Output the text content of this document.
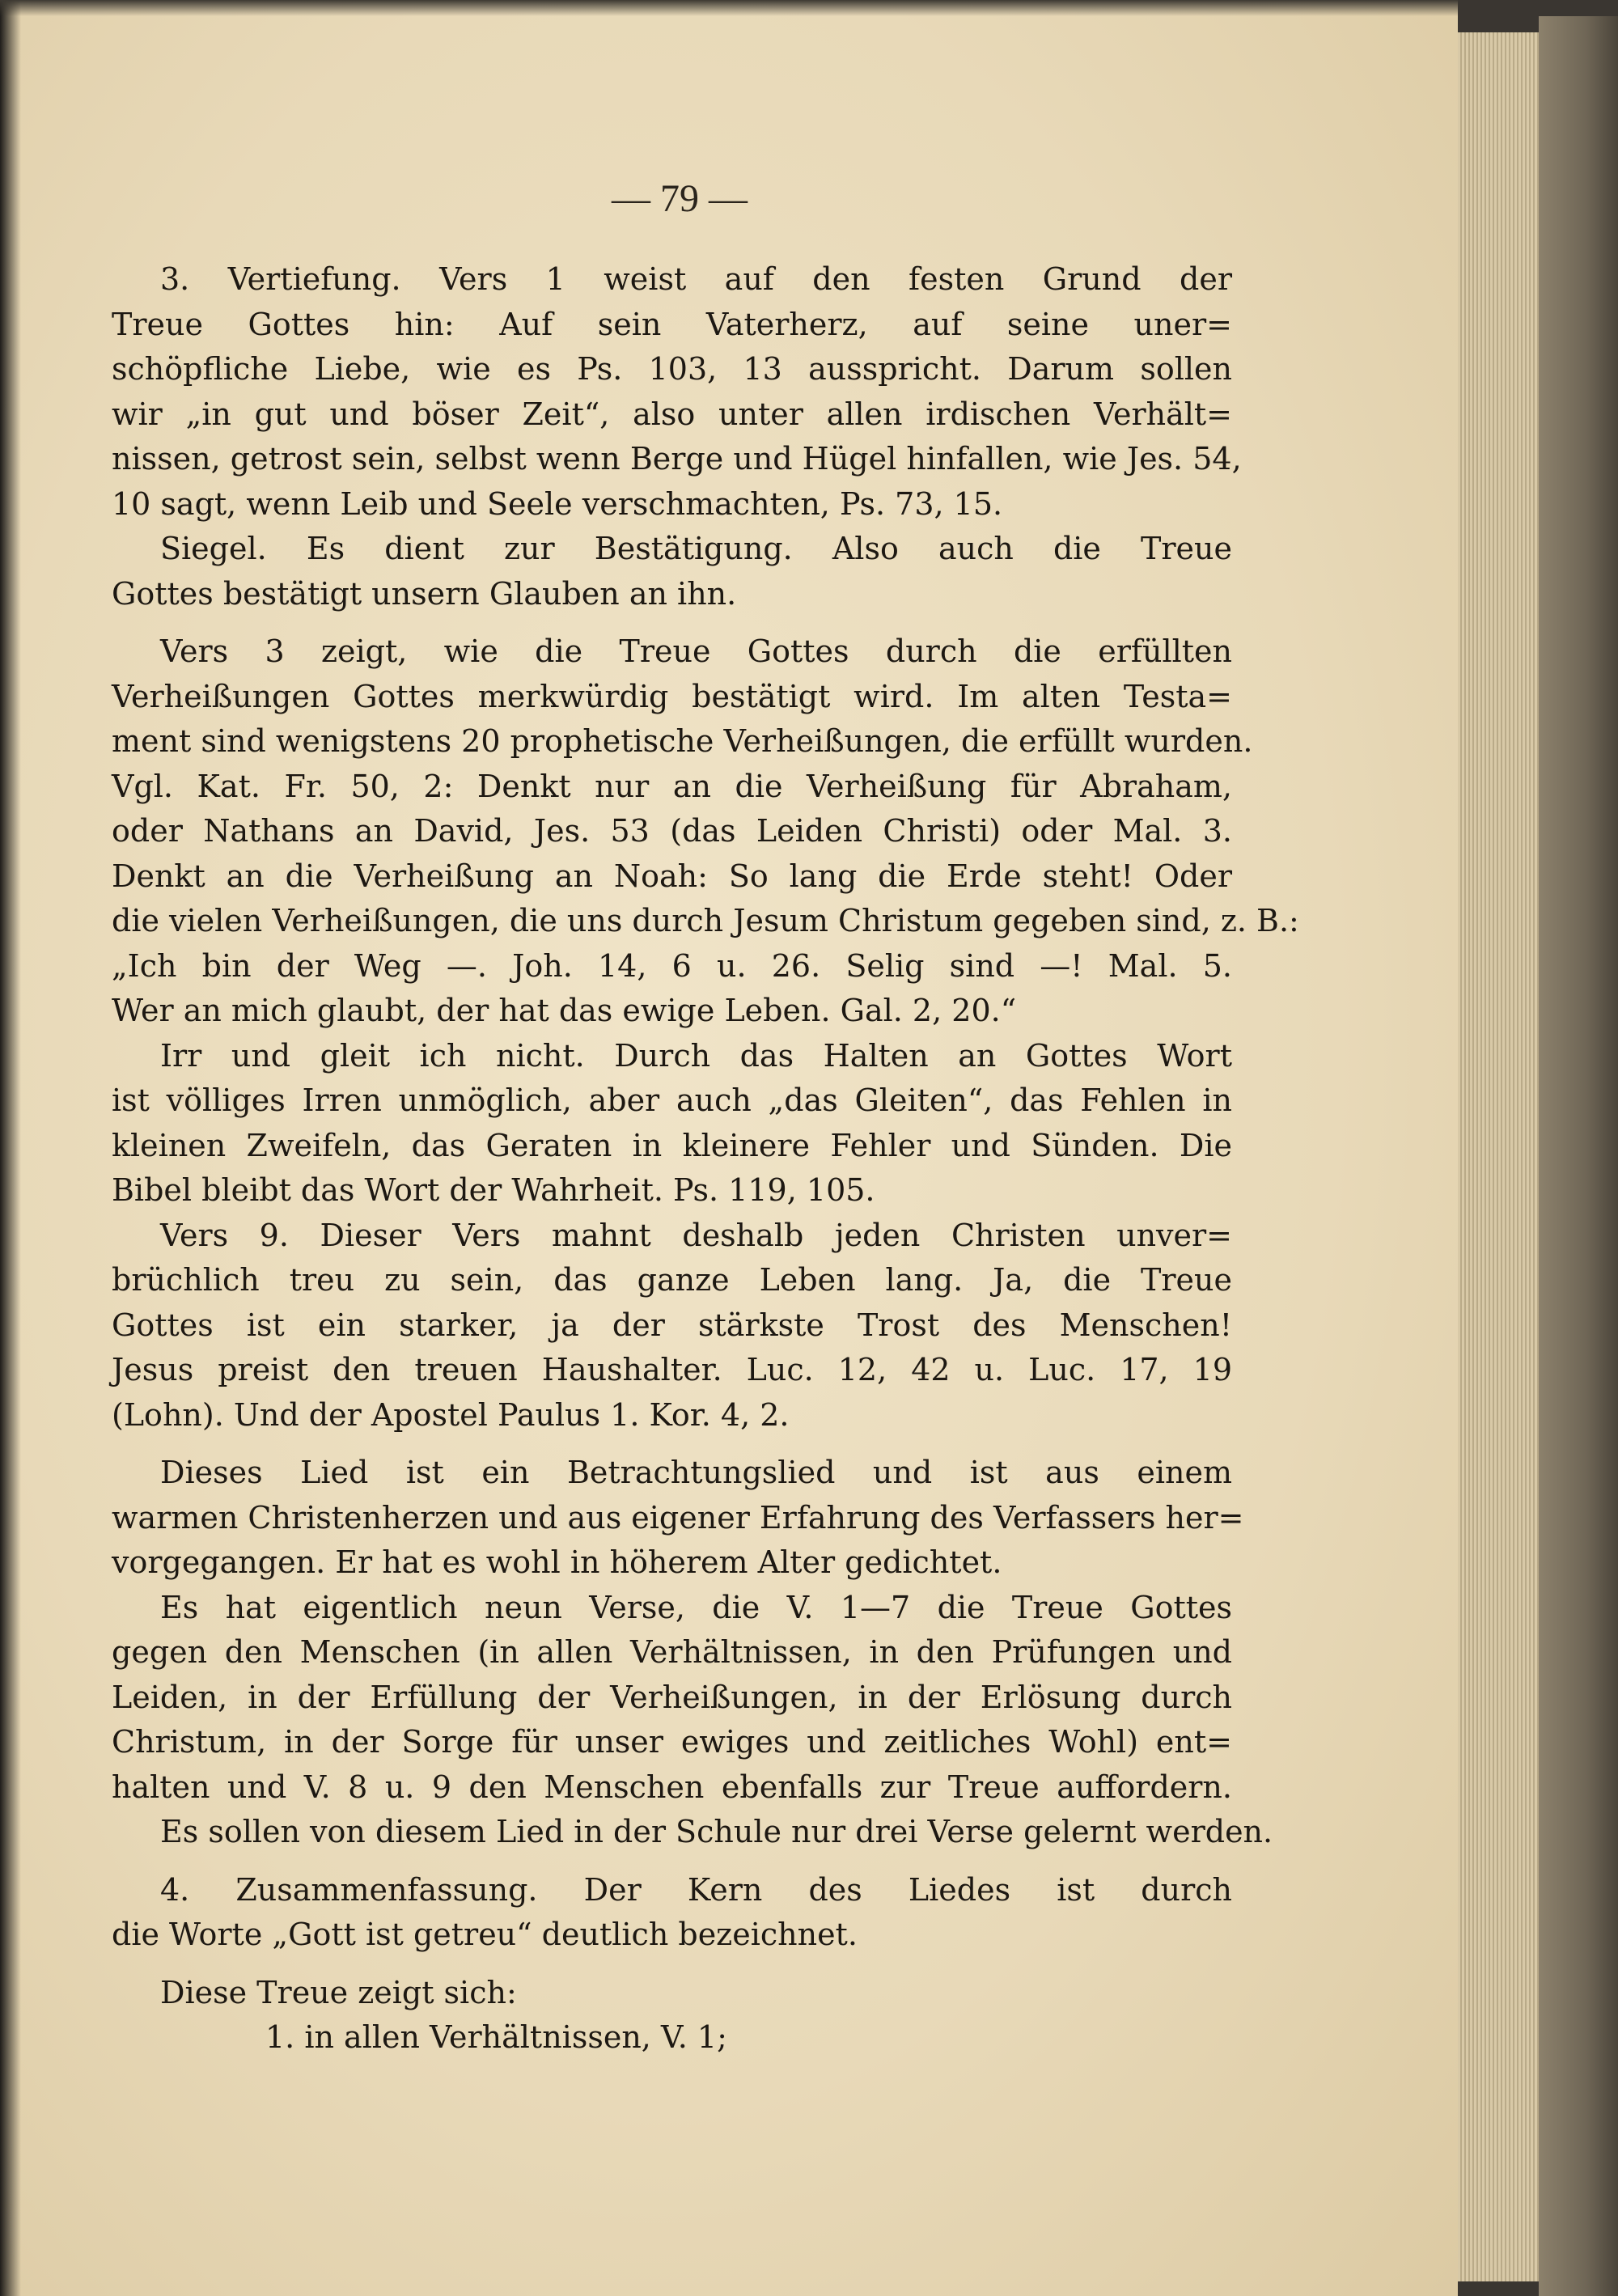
— 79 —
3. Vertiefung. Vers 1 weist auf den festen Grund der
Treue Gottes hin: Auf sein Vaterherz, auf seine uner=
schöpfliche Liebe, wie es Ps. 103, 13 ausspricht. Darum sollen
wir „in gut und böser Zeit“, also unter allen irdischen Verhält=
nissen, getrost sein, selbst wenn Berge und Hügel hinfallen, wie Jes. 54,
10 sagt, wenn Leib und Seele verschmachten, Ps. 73, 15.
Siegel. Es dient zur Bestätigung. Also auch die Treue
Gottes bestätigt unsern Glauben an ihn.
Vers 3 zeigt, wie die Treue Gottes durch die erfüllten
Verheißungen Gottes merkwürdig bestätigt wird. Im alten Testa=
ment sind wenigstens 20 prophetische Verheißungen, die erfüllt wurden.
Vgl. Kat. Fr. 50, 2: Denkt nur an die Verheißung für Abraham,
oder Nathans an David, Jes. 53 (das Leiden Christi) oder Mal. 3.
Denkt an die Verheißung an Noah: So lang die Erde steht! Oder
die vielen Verheißungen, die uns durch Jesum Christum gegeben sind, z. B.:
„Ich bin der Weg —. Joh. 14, 6 u. 26. Selig sind —! Mal. 5.
Wer an mich glaubt, der hat das ewige Leben. Gal. 2, 20.“
Irr und gleit ich nicht. Durch das Halten an Gottes Wort
ist völliges Irren unmöglich, aber auch „das Gleiten“, das Fehlen in
kleinen Zweifeln, das Geraten in kleinere Fehler und Sünden. Die
Bibel bleibt das Wort der Wahrheit. Ps. 119, 105.
Vers 9. Dieser Vers mahnt deshalb jeden Christen unver=
brüchlich treu zu sein, das ganze Leben lang. Ja, die Treue
Gottes ist ein starker, ja der stärkste Trost des Menschen!
Jesus preist den treuen Haushalter. Luc. 12, 42 u. Luc. 17, 19
(Lohn). Und der Apostel Paulus 1. Kor. 4, 2.
Dieses Lied ist ein Betrachtungslied und ist aus einem
warmen Christenherzen und aus eigener Erfahrung des Verfassers her=
vorgegangen. Er hat es wohl in höherem Alter gedichtet.
Es hat eigentlich neun Verse, die V. 1—7 die Treue Gottes
gegen den Menschen (in allen Verhältnissen, in den Prüfungen und
Leiden, in der Erfüllung der Verheißungen, in der Erlösung durch
Christum, in der Sorge für unser ewiges und zeitliches Wohl) ent=
halten und V. 8 u. 9 den Menschen ebenfalls zur Treue auffordern.
Es sollen von diesem Lied in der Schule nur drei Verse gelernt werden.
4. Zusammenfassung. Der Kern des Liedes ist durch
die Worte „Gott ist getreu“ deutlich bezeichnet.
Diese Treue zeigt sich:
1. in allen Verhältnissen, V. 1;
